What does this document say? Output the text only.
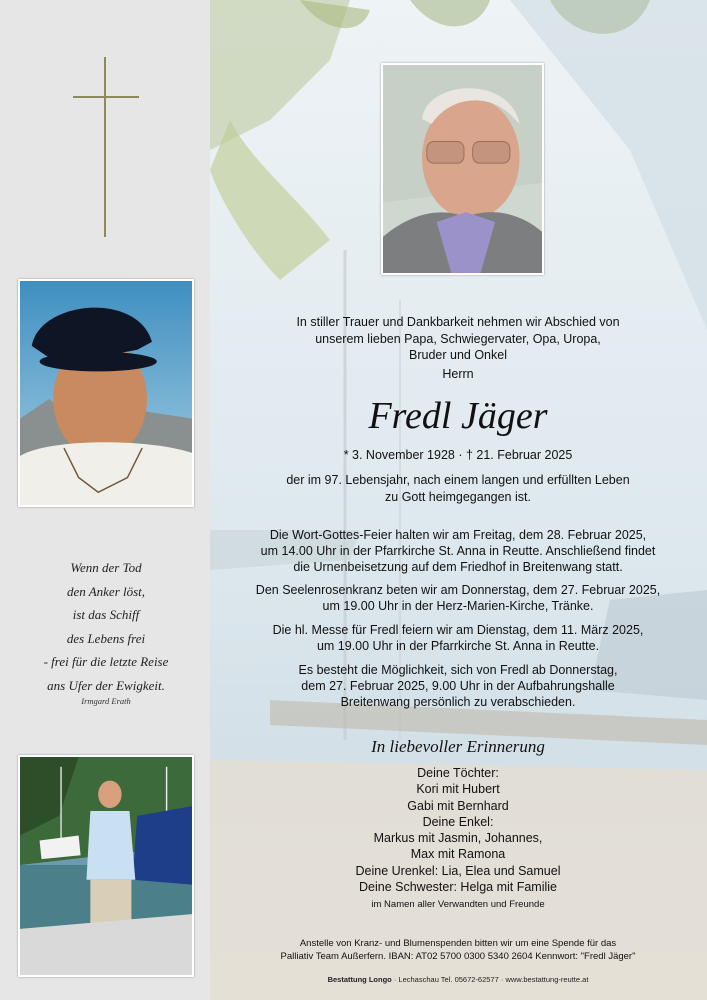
Wenn der Tod
den Anker löst,
ist das Schiff
des Lebens frei
- frei für die letzte Reise
ans Ufer der Ewigkeit.
Irmgard Erath
In stiller Trauer und Dankbarkeit nehmen wir Abschied von
unserem lieben Papa, Schwiegervater, Opa, Uropa,
Bruder und Onkel
Herrn
Fredl Jäger
* 3. November 1928 · † 21. Februar 2025
der im 97. Lebensjahr, nach einem langen und erfüllten Leben
zu Gott heimgegangen ist.
Die Wort-Gottes-Feier halten wir am Freitag, dem 28. Februar 2025,
um 14.00 Uhr in der Pfarrkirche St. Anna in Reutte. Anschließend findet
die Urnenbeisetzung auf dem Friedhof in Breitenwang statt.
Den Seelenrosenkranz beten wir am Donnerstag, dem 27. Februar 2025,
um 19.00 Uhr in der Herz-Marien-Kirche, Tränke.
Die hl. Messe für Fredl feiern wir am Dienstag, dem 11. März 2025,
um 19.00 Uhr in der Pfarrkirche St. Anna in Reutte.
Es besteht die Möglichkeit, sich von Fredl ab Donnerstag,
dem 27. Februar 2025, 9.00 Uhr in der Aufbahrungshalle
Breitenwang persönlich zu verabschieden.
In liebevoller Erinnerung
Deine Töchter:
Kori mit Hubert
Gabi mit Bernhard
Deine Enkel:
Markus mit Jasmin, Johannes,
Max mit Ramona
Deine Urenkel: Lia, Elea und Samuel
Deine Schwester: Helga mit Familie
im Namen aller Verwandten und Freunde
Anstelle von Kranz- und Blumenspenden bitten wir um eine Spende für das
Palliativ Team Außerfern. IBAN: AT02 5700 0300 5340 2604 Kennwort: "Fredl Jäger"
Bestattung Longo · Lechaschau Tel. 05672-62577 · www.bestattung-reutte.at
